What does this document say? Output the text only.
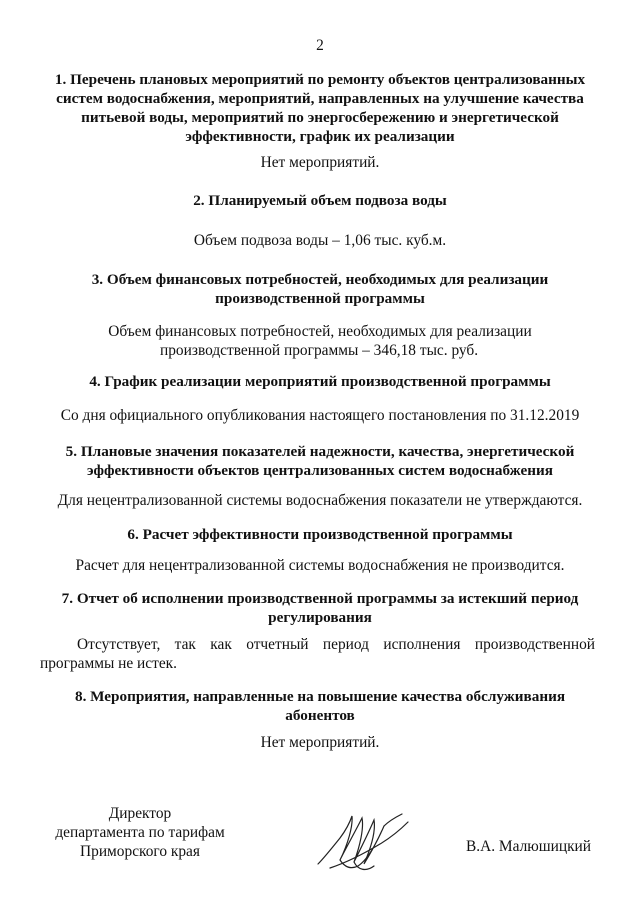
2
1. Перечень плановых мероприятий по ремонту объектов централизованных
систем водоснабжения, мероприятий, направленных на улучшение качества
питьевой воды, мероприятий по энергосбережению и энергетической
эффективности, график их реализации
Нет мероприятий.
2. Планируемый объем подвоза воды
Объем подвоза воды – 1,06 тыс. куб.м.
3. Объем финансовых потребностей, необходимых для реализации
производственной программы
Объем финансовых потребностей, необходимых для реализации
производственной программы – 346,18 тыс. руб.
4. График реализации мероприятий производственной программы
Со дня официального опубликования настоящего постановления по 31.12.2019
5. Плановые значения показателей надежности, качества, энергетической
эффективности объектов централизованных систем водоснабжения
Для нецентрализованной системы водоснабжения показатели не утверждаются.
6. Расчет эффективности производственной программы
Расчет для нецентрализованной системы водоснабжения не производится.
7. Отчет об исполнении производственной программы за истекший период
регулирования
Отсутствует, так как отчетный период исполнения производственной
программы не истек.
8. Мероприятия, направленные на повышение качества обслуживания
абонентов
Нет мероприятий.
Директор
департамента по тарифам
Приморского края	В.А. Малюшицкий
